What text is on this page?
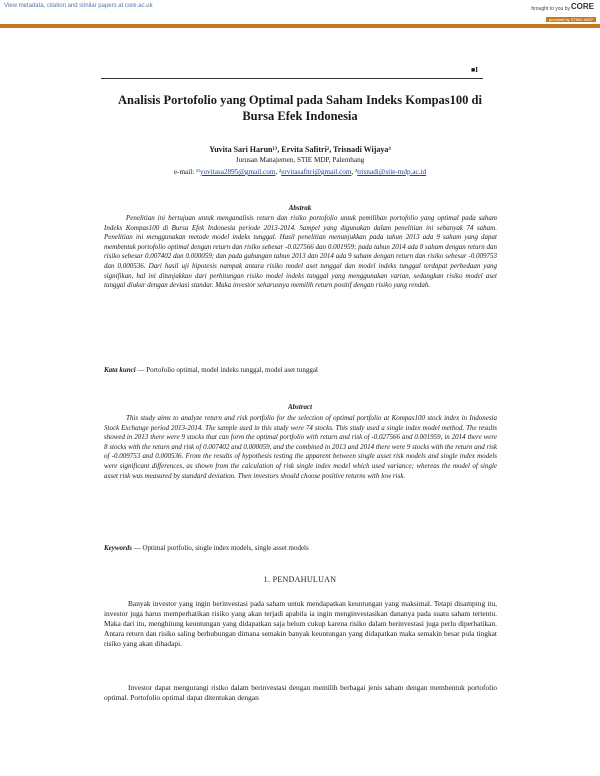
View metadata, citation and similar papers at core.ac.uk	brought to you by CORE
provided by STMIK MDP
■I
Analisis Portofolio yang Optimal pada Saham Indeks Kompas100 di Bursa Efek Indonesia
Yuvita Sari Harun¹⁾, Ervita Safitri², Trisnadi Wijaya³
Jurusan Manajemen, STIE MDP, Palembang
e-mail: ¹⁾yuvitasa2895@gmail.com, ²ervitasafitri@gmail.com, ³trisnadi@stie-mdp.ac.id
Abstrak

Penelitian ini bertujuan untuk menganalisis return dan risiko portofolio untuk pemilihan portofolio yang optimal pada saham Indeks Kompas100 di Bursa Efek Indonesia periode 2013-2014. Sampel yang digunakan dalam penelitian ini sebanyak 74 saham. Penelitian ini menggunakan metode model indeks tunggal. Hasil penelitian menunjukkan pada tahun 2013 ada 9 saham yang dapat membentuk portofolio optimal dengan return dan risiko sebesar -0.027566 dan 0.001959; pada tahun 2014 ada 8 saham dengan return dan risiko sebesar 0.007402 dan 0.000059; dan pada gabungan tahun 2013 dan 2014 ada 9 saham dengan return dan risiko sebesar -0.009753 dan 0.000536. Dari hasil uji hipotesis nampak antara risiko model aset tunggal dan model indeks tunggal terdapat perbedaan yang signifikan, hal ini ditunjukkan dari perhitungan risiko model indeks tunggal yang menggunakan varian, sedangkan risiko model aset tunggal diukur dengan deviasi standar. Maka investor seharusnya memilih return positif dengan risiko yang rendah.

Kata kunci — Portofolio optimal, model indeks tunggal, model aset tunggal
Abstract

This study aims to analyze return and risk portfolio for the selection of optimal portfolio at Kompas100 stock index in Indonesia Stock Exchange period 2013-2014. The sample used in this study were 74 stocks. This study used a single index model method. The results showed in 2013 there were 9 stocks that can form the optimal portfolio with return and risk of -0.027566 and 0.001959, in 2014 there were 8 stocks with the return and risk of 0.007402 and 0.000059, and the combined in 2013 and 2014 there were 9 stocks with the return and risk of -0.009753 and 0.000536. From the results of hypothesis testing the apparent between single asset risk models and single index models were significant differences, as shown from the calculation of risk single index model which used variance; whereas the model of single asset risk was measured by standard deviation. Then investors should choose positive returns with low risk.

Keywords — Optimal portfolio, single index models, single asset models
1. PENDAHULUAN

Banyak investor yang ingin berinvestasi pada saham untuk mendapatkan keuntungan yang maksimal. Tetapi disamping itu, investor juga harus memperhatikan risiko yang akan terjadi apabila ia ingin menginvestasikan dananya pada suatu saham tertentu. Maka dari itu, menghitung keuntungan yang didapatkan saja belum cukup karena risiko dalam berinvestasi juga perlu diperhatikan. Antara return dan risiko saling berhubungan dimana semakin banyak keuntungan yang didapatkan maka semakin besar pula tingkat risiko yang akan dihadapi.

Investor dapat mengurangi risiko dalam berinvestasi dengan memilih berbagai jenis saham dengan membentuk portofolio optimal. Portofolio optimal dapat ditentukan dengan
